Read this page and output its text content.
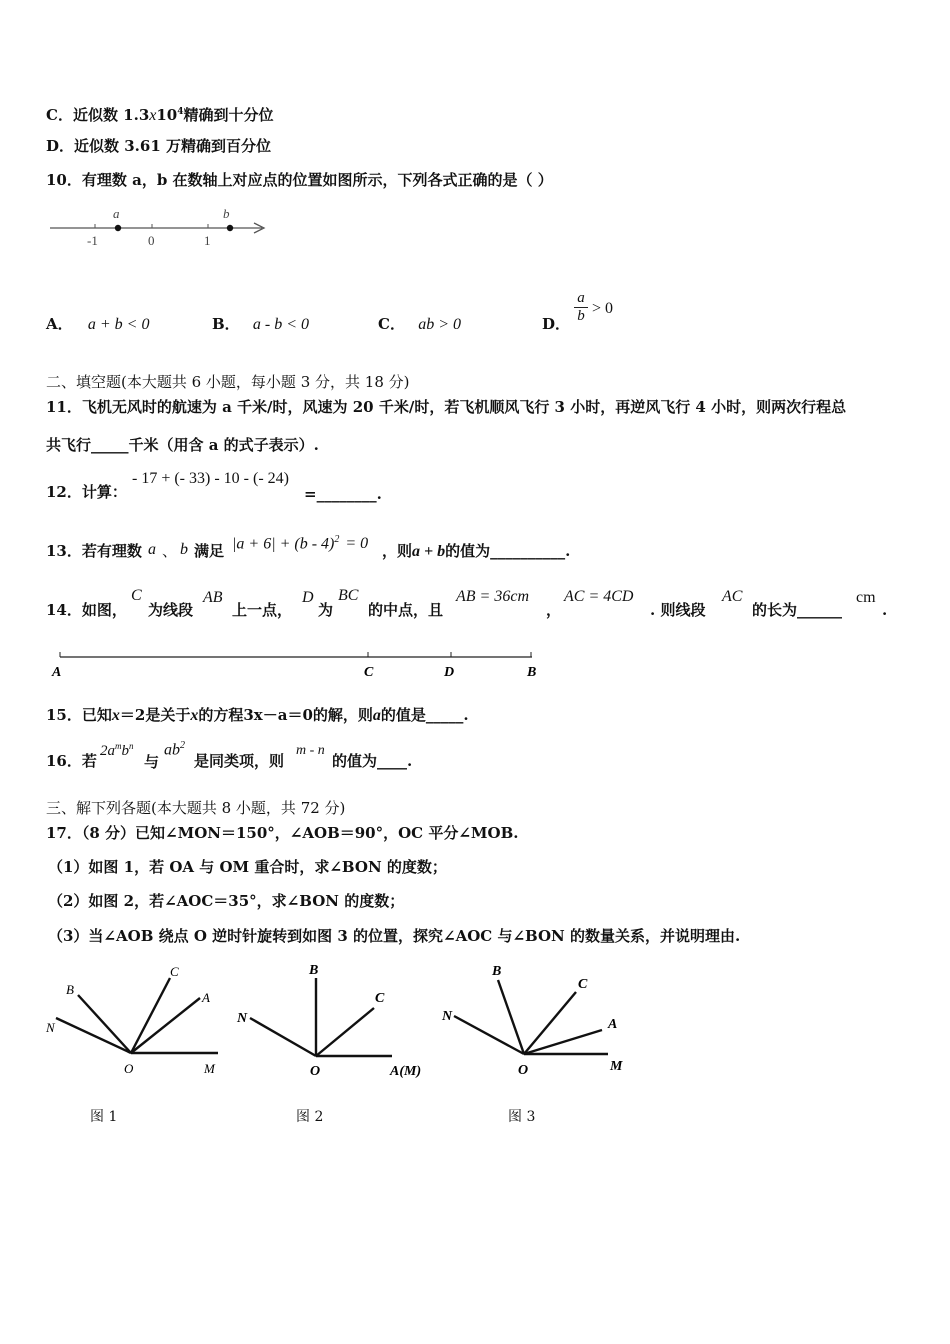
C．近似数 $1.3x10^4$精确到十分位
D．近似数 3.61 万精确到百分位
10．有理数 a，b 在数轴上对应点的位置如图所示，下列各式正确的是（ ）
a	b
-1	0	1
A． a + b < 0	B． a - b < 0	C． ab > 0	D．
a
b > 0
二、填空题(本大题共 6 小题，每小题 3 分，共 18 分)
11．飞机无风时的航速为 a 千米/时，风速为 20 千米/时，若飞机顺风飞行 3 小时，再逆风飞行 4 小时，则两次行程总
共飞行_____千米（用含 a 的式子表示）.
12．计算：
- 17 + (- 33) - 10 - (- 24)
=________.
13．若有理数 a 、 b 满足 |a + 6| + (b - 4)$^2$ = 0 ，则a + b的值为__________.
14．如图，
C
为线段
AB
上一点，
D
为
BC
的中点，且
AB = 36cm
，
AC = 4CD
. 则线段
AC
的长为______
cm
.
A	C	D	B
15．已知x＝2是关于x的方程3x－a＝0的解，则a的值是_____.
16．若
$2a^mb^n$
与
$ab^2$
是同类项，则
m - n
的值为____.
三、解下列各题(本大题共 8 小题，共 72 分)
17．（8 分）已知∠MON＝150°，∠AOB＝90°，OC 平分∠MOB.
（1）如图 1，若 OA 与 OM 重合时，求∠BON 的度数；
（2）如图 2，若∠AOC＝35°，求∠BON 的度数；
（3）当∠AOB 绕点 O 逆时针旋转到如图 3 的位置，探究∠AOC 与∠BON 的数量关系，并说明理由.
C
A
B
N
O	M
图 1
B
C
N
O	A(M)
图 2
B
C
A
N
O	M
图 3
